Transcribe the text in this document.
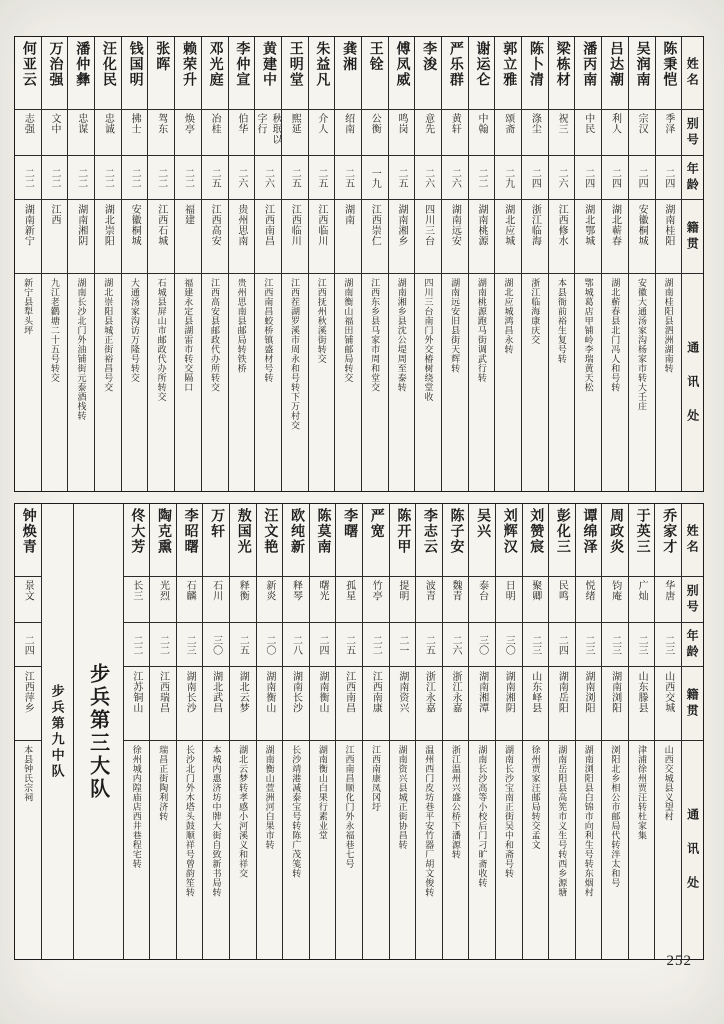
何亚云
志强
二二
湖南新宁
新宁县犁头坪
万治强
文中
二二
江西
九江老鹳塘二十五号转交
潘仲彝
忠谋
二二
湖南湘阴
湖南长沙北门外油铺街元泰酒栈转
汪化民
忠诚
二二
湖北崇阳
湖北崇阳县城正街裕昌号交
钱国明
拂士
二二
安徽桐城
大通汤家沟访万隆号转交
张晖
驾东
二二
江西石城
石城县屏山市邮政代办所转交
赖荣升
焕亭
二二
福建
福建永定县湖雷市转交隔口
邓光庭
冶桂
二五
江西高安
江西高安县邮政代办所转交
李仲宣
伯华
二六
贵州思南
贵州思南县邮局转铁桥
黄建中
秋珉以字行
二六
江西南昌
江西南昌蛟桥镇盛材号转
王明堂
熙延
二五
江西临川
江西茬湖罗溪市周永和号转下万村交
朱益凡
介人
二五
江西临川
江西抚州秋溪街转交
龚湘
绍南
二五
湖南
湖南衡山福田铺邮局转交
王铨
公衡
一九
江西崇仁
江西东乡县马家市周和堂交
傅凤威
鸣岗
二五
湖南湘乡
湖南湘乡县沈公堤周至泰转
李浚
意先
二六
四川三台
四川三台南门外交椿树绕堂收
严乐群
黄轩
二六
湖南远安
湖南远安旧县街天辉转
谢运仑
中翰
二二
湖南桃源
湖南桃源跑马街调武行转
郭立雅
颂斋
二九
湖北应城
湖北应城鸿昌永转
陈卜清
涤尘
二四
浙江临海
浙江临海康庆交
梁栋材
祝三
二六
江西修水
本县衙前裕生复号转
潘丙南
中民
二四
湖北鄂城
鄂城葛店甲铺岭李瑞黄天松
吕达潮
利人
二四
湖北蕲春
湖北蕲春县北门冯人和号转
吴润南
宗汉
二四
安徽桐城
安徽大通汤家沟杨家市转大壬庄
陈秉恺
季泽
二四
湖南桂阳
湖南桂阳县泗洲湖南转
姓名
别号
年龄
籍贯
通 讯 处
钟焕青
景文
二四
江西萍乡
本县钟氏宗祠	步兵第九中队 步兵第三大队
佟大芳
长三
二二
江苏铜山
徐州城内隍庙店西井巷程宅转
陶克熏
光烈
二二
江西瑞昌
瑞昌正街陶利济转
李昭曙
石麟
二三
湖南长沙
长沙北门外木塔头鼓顺祥号曾韵笙转
万轩
石川
三〇
湖北武昌
本城内惠济坊中牌大街自致新书局转
敖国光
释衡
二五
湖北云梦
湖北云梦转孝感小河溪义和祥交
汪文艳
新炎
二〇
湖南衡山
湖南衡山萱洲河白果市转
欧纯新
释琴
二八
湖南长沙
长沙靖港减泰宝号转陈广茂笺转
陈莫南
曙光
二四
湖南衡山
湖南衡山白果行素业堂
李曙
孤星
二五
江西南昌
江西南昌顺化门外永福巷七号
严宽
竹亭
二二
江西南康
江西南康凤冈圩
陈开甲
提明
二一
湖南资兴
湖南资兴县城正街协昌转
李志云
波青
二五
浙江永嘉
温州西门皮坊巷平安竹器厂胡文俊转
陈子安
魏青
二六
浙江永嘉
浙江温州兴盛公桥下潘源转
吴兴
泰台
三〇
湖南湘潭
湖南长沙高等小校后门刁旷斋收转
刘辉汉
日明
三〇
湖南湘阴
湖南长沙宝南正街吴中和斋号转
刘赞宸
聚卿
二三
山东峄县
徐州贾家汪邮局转交孟文
彭化三
民鸣
二四
湖南岳阳
湖南岳阳县高筅市义生号转西乡源塘
谭绵泽
悦绪
二三
湖南浏阳
湖南浏阳县白锦市向利生号转东烟村
周政炎
钧庵
二三
湖南浏阳
浏阳北乡相公市邮局代转泮太和号
于英三
广灿
二三
山东滕县
津浦徐州贾汪转杜家集
乔家才
华唐
二三
山西交城
山西交城县义望村
姓名
别号
年龄
籍贯
通 讯 处
252
